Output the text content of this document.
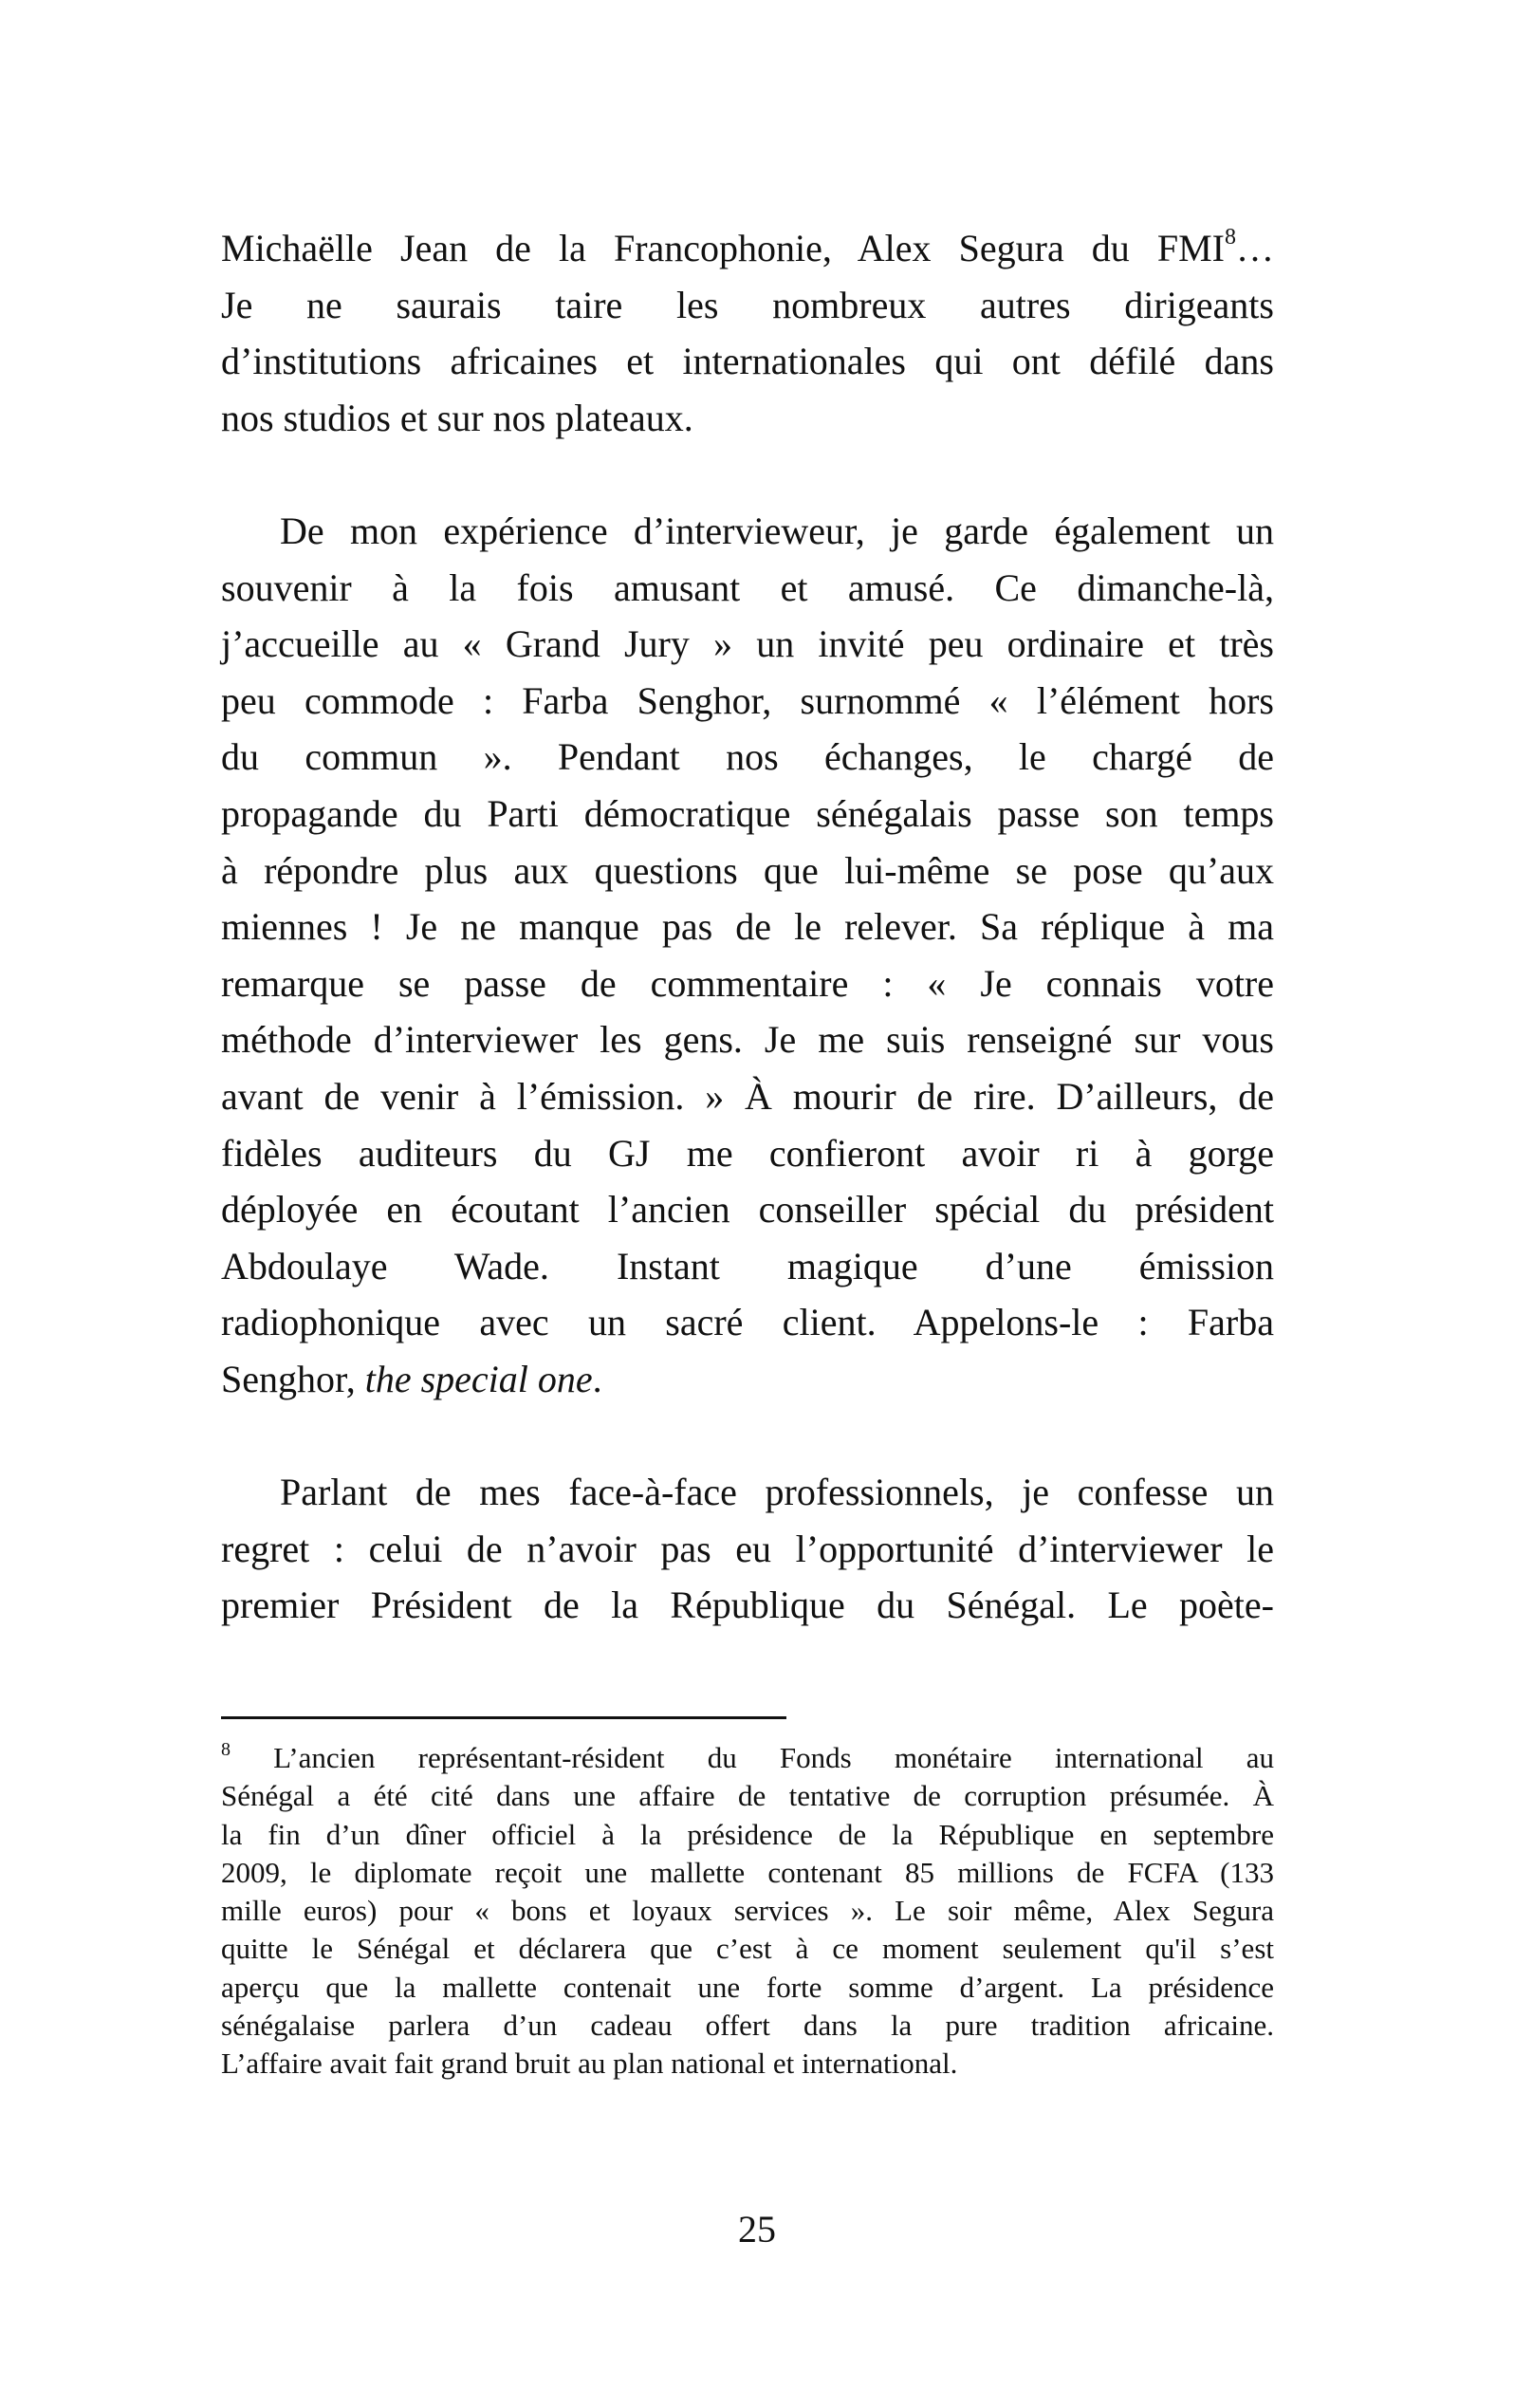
Michaëlle Jean de la Francophonie, Alex Segura du FMI$^8$…
Je ne saurais taire les nombreux autres dirigeants
d’institutions africaines et internationales qui ont défilé dans
nos studios et sur nos plateaux.

De mon expérience d’intervieweur, je garde également un
souvenir à la fois amusant et amusé. Ce dimanche-là,
j’accueille au « Grand Jury » un invité peu ordinaire et très
peu commode : Farba Senghor, surnommé « l’élément hors
du commun ». Pendant nos échanges, le chargé de
propagande du Parti démocratique sénégalais passe son temps
à répondre plus aux questions que lui-même se pose qu’aux
miennes ! Je ne manque pas de le relever. Sa réplique à ma
remarque se passe de commentaire : « Je connais votre
méthode d’interviewer les gens. Je me suis renseigné sur vous
avant de venir à l’émission. » À mourir de rire. D’ailleurs, de
fidèles auditeurs du GJ me confieront avoir ri à gorge
déployée en écoutant l’ancien conseiller spécial du président
Abdoulaye Wade. Instant magique d’une émission
radiophonique avec un sacré client. Appelons-le : Farba
Senghor, the special one.

Parlant de mes face-à-face professionnels, je confesse un
regret : celui de n’avoir pas eu l’opportunité d’interviewer le
premier Président de la République du Sénégal. Le poète-

$^8$ L’ancien représentant-résident du Fonds monétaire international au
Sénégal a été cité dans une affaire de tentative de corruption présumée. À
la fin d’un dîner officiel à la présidence de la République en septembre
2009, le diplomate reçoit une mallette contenant 85 millions de FCFA (133
mille euros) pour « bons et loyaux services ». Le soir même, Alex Segura
quitte le Sénégal et déclarera que c’est à ce moment seulement qu'il s’est
aperçu que la mallette contenait une forte somme d’argent. La présidence
sénégalaise parlera d’un cadeau offert dans la pure tradition africaine.
L’affaire avait fait grand bruit au plan national et international.
25
